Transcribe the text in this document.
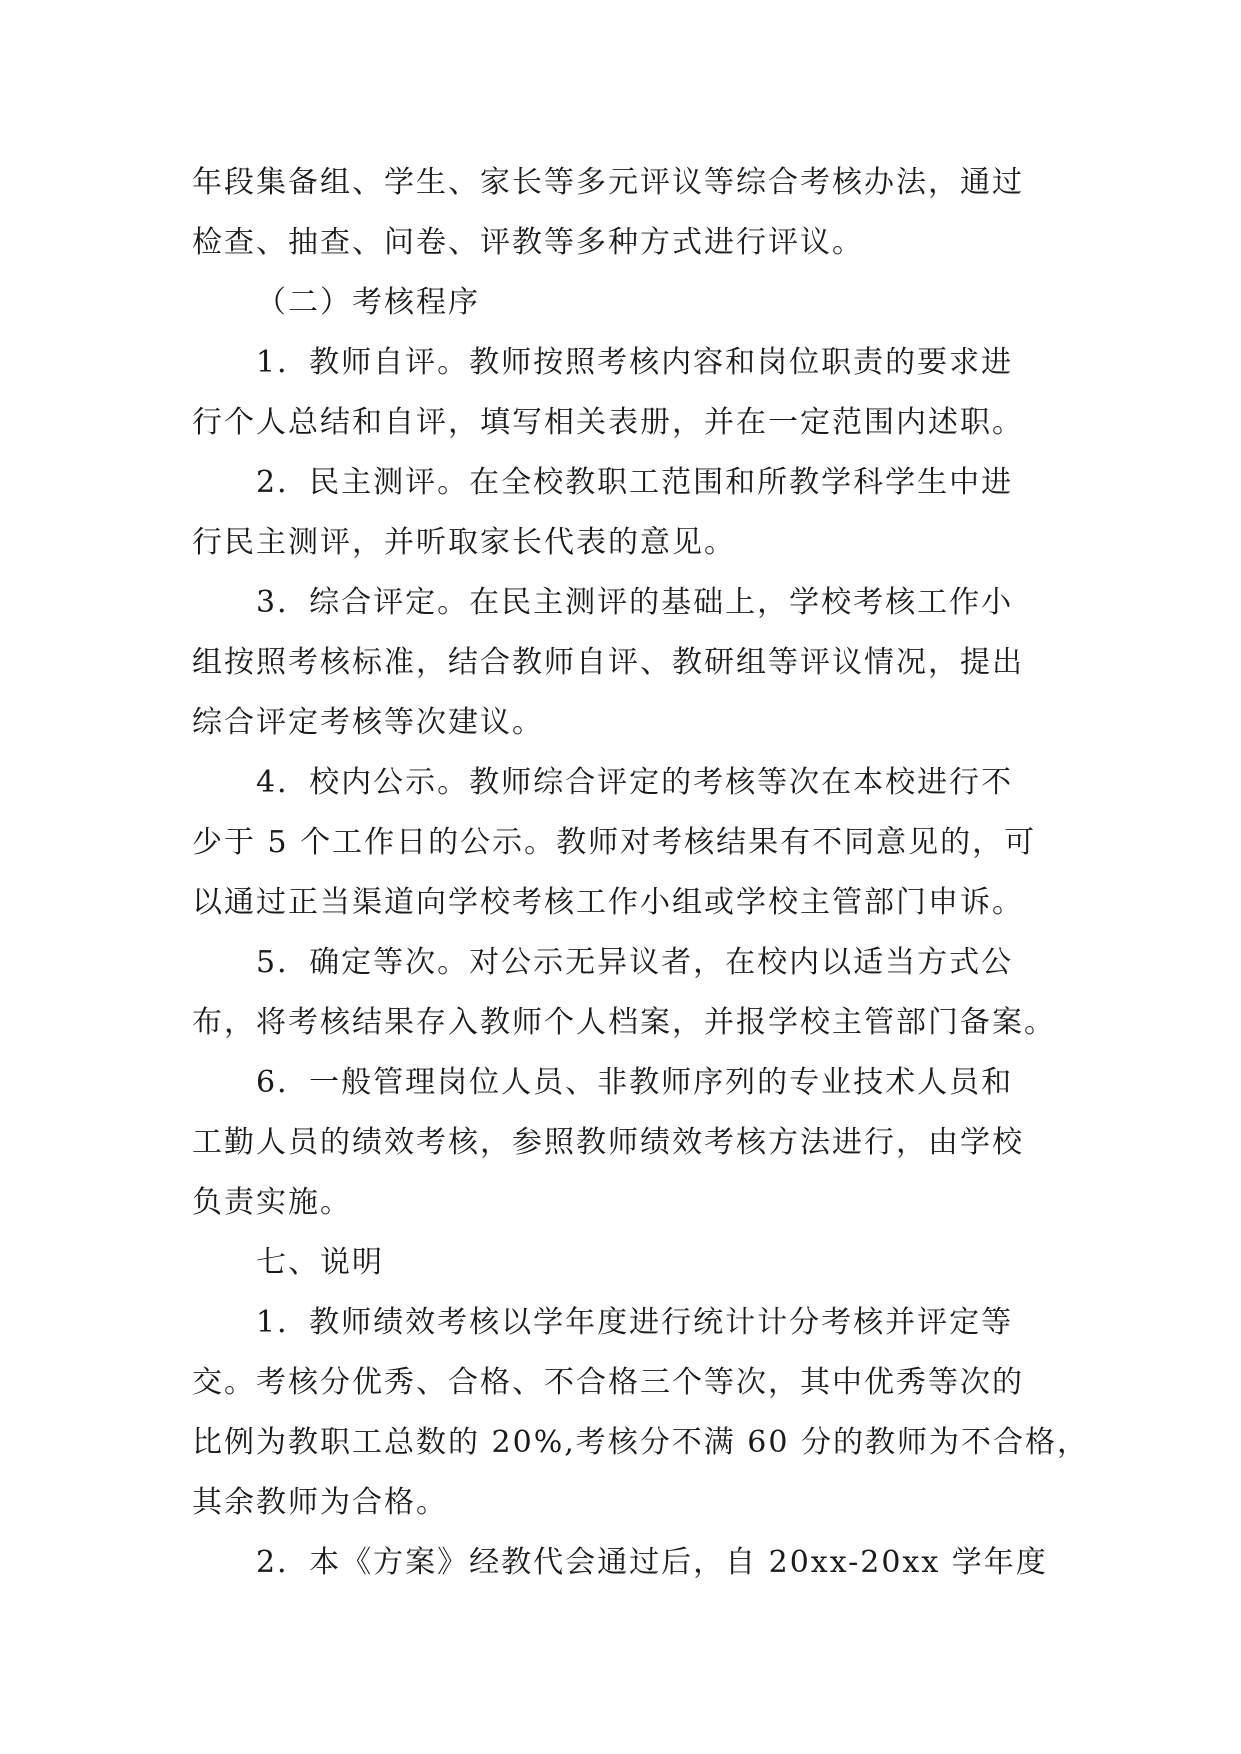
年段集备组、学生、家长等多元评议等综合考核办法，通过
检查、抽查、问卷、评教等多种方式进行评议。

（二）考核程序

1．教师自评。教师按照考核内容和岗位职责的要求进

行个人总结和自评，填写相关表册，并在一定范围内述职。

2．民主测评。在全校教职工范围和所教学科学生中进

行民主测评，并听取家长代表的意见。

3．综合评定。在民主测评的基础上，学校考核工作小

组按照考核标准，结合教师自评、教研组等评议情况，提出
综合评定考核等次建议。

4．校内公示。教师综合评定的考核等次在本校进行不

少于 5 个工作日的公示。教师对考核结果有不同意见的，可
以通过正当渠道向学校考核工作小组或学校主管部门申诉。

5．确定等次。对公示无异议者，在校内以适当方式公

布，将考核结果存入教师个人档案，并报学校主管部门备案。

6．一般管理岗位人员、非教师序列的专业技术人员和

工勤人员的绩效考核，参照教师绩效考核方法进行，由学校
负责实施。

七、说明

1．教师绩效考核以学年度进行统计计分考核并评定等

交。考核分优秀、合格、不合格三个等次，其中优秀等次的
比例为教职工总数的 20%,考核分不满 60 分的教师为不合格，
其余教师为合格。

2．本《方案》经教代会通过后，自 20xx-20xx 学年度
